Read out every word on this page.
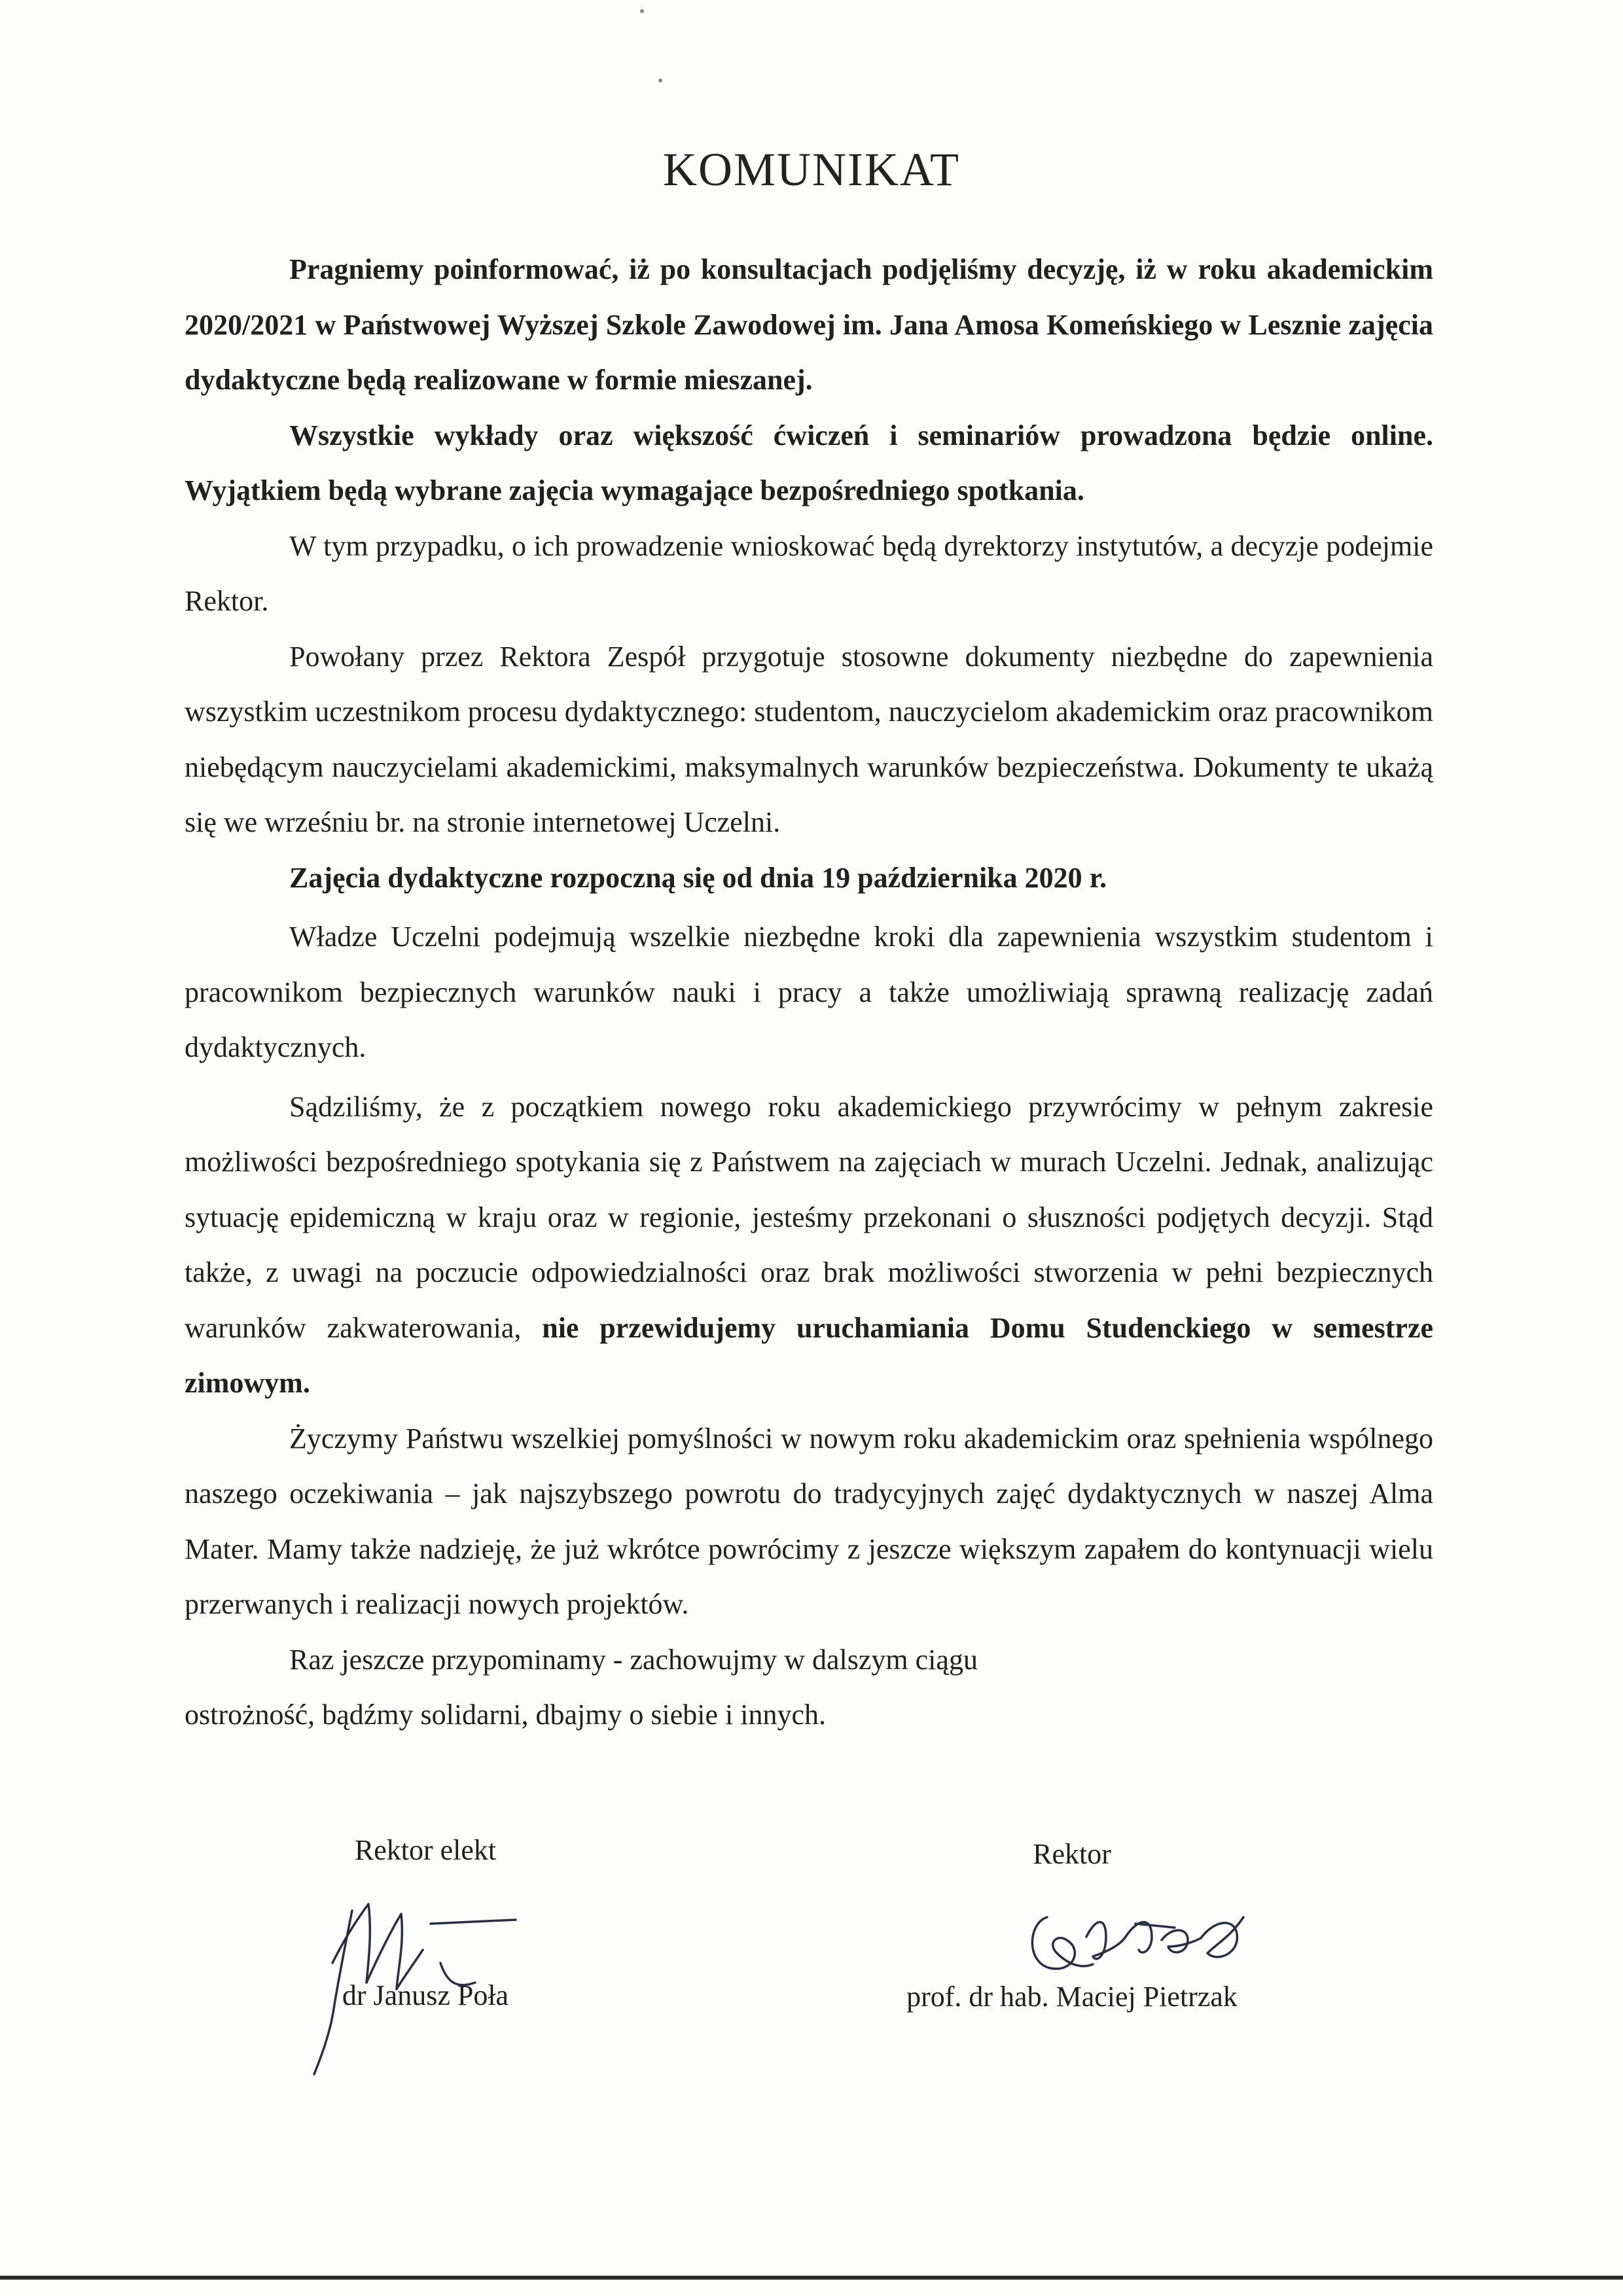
KOMUNIKAT

Pragniemy poinformować, iż po konsultacjach podjęliśmy decyzję, iż w roku akademickim 2020/2021 w Państwowej Wyższej Szkole Zawodowej im. Jana Amosa Komeńskiego w Lesznie zajęcia dydaktyczne będą realizowane w formie mieszanej.

Wszystkie wykłady oraz większość ćwiczeń i seminariów prowadzona będzie online. Wyjątkiem będą wybrane zajęcia wymagające bezpośredniego spotkania.

W tym przypadku, o ich prowadzenie wnioskować będą dyrektorzy instytutów, a decyzje podejmie Rektor.

Powołany przez Rektora Zespół przygotuje stosowne dokumenty niezbędne do zapewnienia wszystkim uczestnikom procesu dydaktycznego: studentom, nauczycielom akademickim oraz pracownikom niebędącym nauczycielami akademickimi, maksymalnych warunków bezpieczeństwa. Dokumenty te ukażą się we wrześniu br. na stronie internetowej Uczelni.

Zajęcia dydaktyczne rozpoczną się od dnia 19 października 2020 r.

Władze Uczelni podejmują wszelkie niezbędne kroki dla zapewnienia wszystkim studentom i pracownikom bezpiecznych warunków nauki i pracy a także umożliwiają sprawną realizację zadań dydaktycznych.

Sądziliśmy, że z początkiem nowego roku akademickiego przywrócimy w pełnym zakresie możliwości bezpośredniego spotykania się z Państwem na zajęciach w murach Uczelni. Jednak, analizując sytuację epidemiczną w kraju oraz w regionie, jesteśmy przekonani o słuszności podjętych decyzji. Stąd także, z uwagi na poczucie odpowiedzialności oraz brak możliwości stworzenia w pełni bezpiecznych warunków zakwaterowania, nie przewidujemy uruchamiania Domu Studenckiego w semestrze zimowym.

Życzymy Państwu wszelkiej pomyślności w nowym roku akademickim oraz spełnienia wspólnego naszego oczekiwania – jak najszybszego powrotu do tradycyjnych zajęć dydaktycznych w naszej Alma Mater. Mamy także nadzieję, że już wkrótce powrócimy z jeszcze większym zapałem do kontynuacji wielu przerwanych i realizacji nowych projektów.

Raz jeszcze przypominamy - zachowujmy w dalszym ciągu

ostrożność, bądźmy solidarni, dbajmy o siebie i innych.

Rektor elekt
dr Janusz Poła
Rektor
prof. dr hab. Maciej Pietrzak
